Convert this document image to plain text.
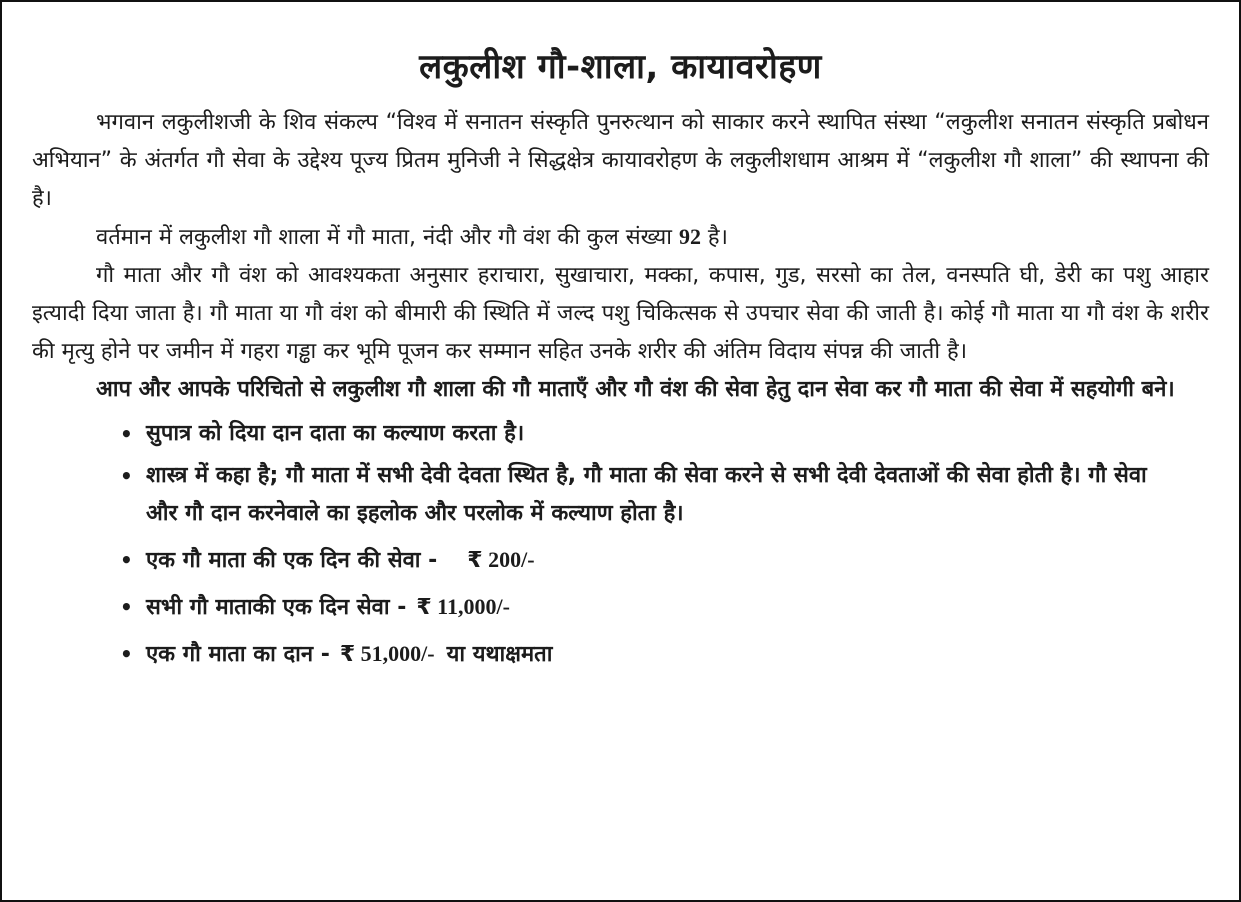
लकुलीश गौ-शाला, कायावरोहण

भगवान लकुलीशजी के शिव संकल्प “विश्व में सनातन संस्कृति पुनरुत्थान को साकार करने स्थापित संस्था “लकुलीश सनातन संस्कृति प्रबोधन अभियान” के अंतर्गत गौ सेवा के उद्देश्य पूज्य प्रितम मुनिजी ने सिद्धक्षेत्र कायावरोहण के लकुलीशधाम आश्रम में “लकुलीश गौ शाला” की स्थापना की है।

वर्तमान में लकुलीश गौ शाला में गौ माता, नंदी और गौ वंश की कुल संख्या 92 है।

गौ माता और गौ वंश को आवश्यकता अनुसार हराचारा, सुखाचारा, मक्का, कपास, गुड, सरसो का तेल, वनस्पति घी, डेरी का पशु आहार इत्यादी दिया जाता है। गौ माता या गौ वंश को बीमारी की स्थिति में जल्द पशु चिकित्सक से उपचार सेवा की जाती है। कोई गौ माता या गौ वंश के शरीर की मृत्यु होने पर जमीन में गहरा गड्ढा कर भूमि पूजन कर सम्मान सहित उनके शरीर की अंतिम विदाय संपन्न की जाती है।

आप और आपके परिचितो से लकुलीश गौ शाला की गौ माताएँ और गौ वंश की सेवा हेतु दान सेवा कर गौ माता की सेवा में सहयोगी बने।

• सुपात्र को दिया दान दाता का कल्याण करता है।
• शास्त्र में कहा है; गौ माता में सभी देवी देवता स्थित है, गौ माता की सेवा करने से सभी देवी देवताओं की सेवा होती है। गौ सेवा और गौ दान करनेवाले का इहलोक और परलोक में कल्याण होता है।
• एक गौ माता की एक दिन की सेवा - ₹ 200/-
• सभी गौ माताकी एक दिन सेवा - ₹ 11,000/-
• एक गौ माता का दान - ₹ 51,000/- या यथाक्षमता
